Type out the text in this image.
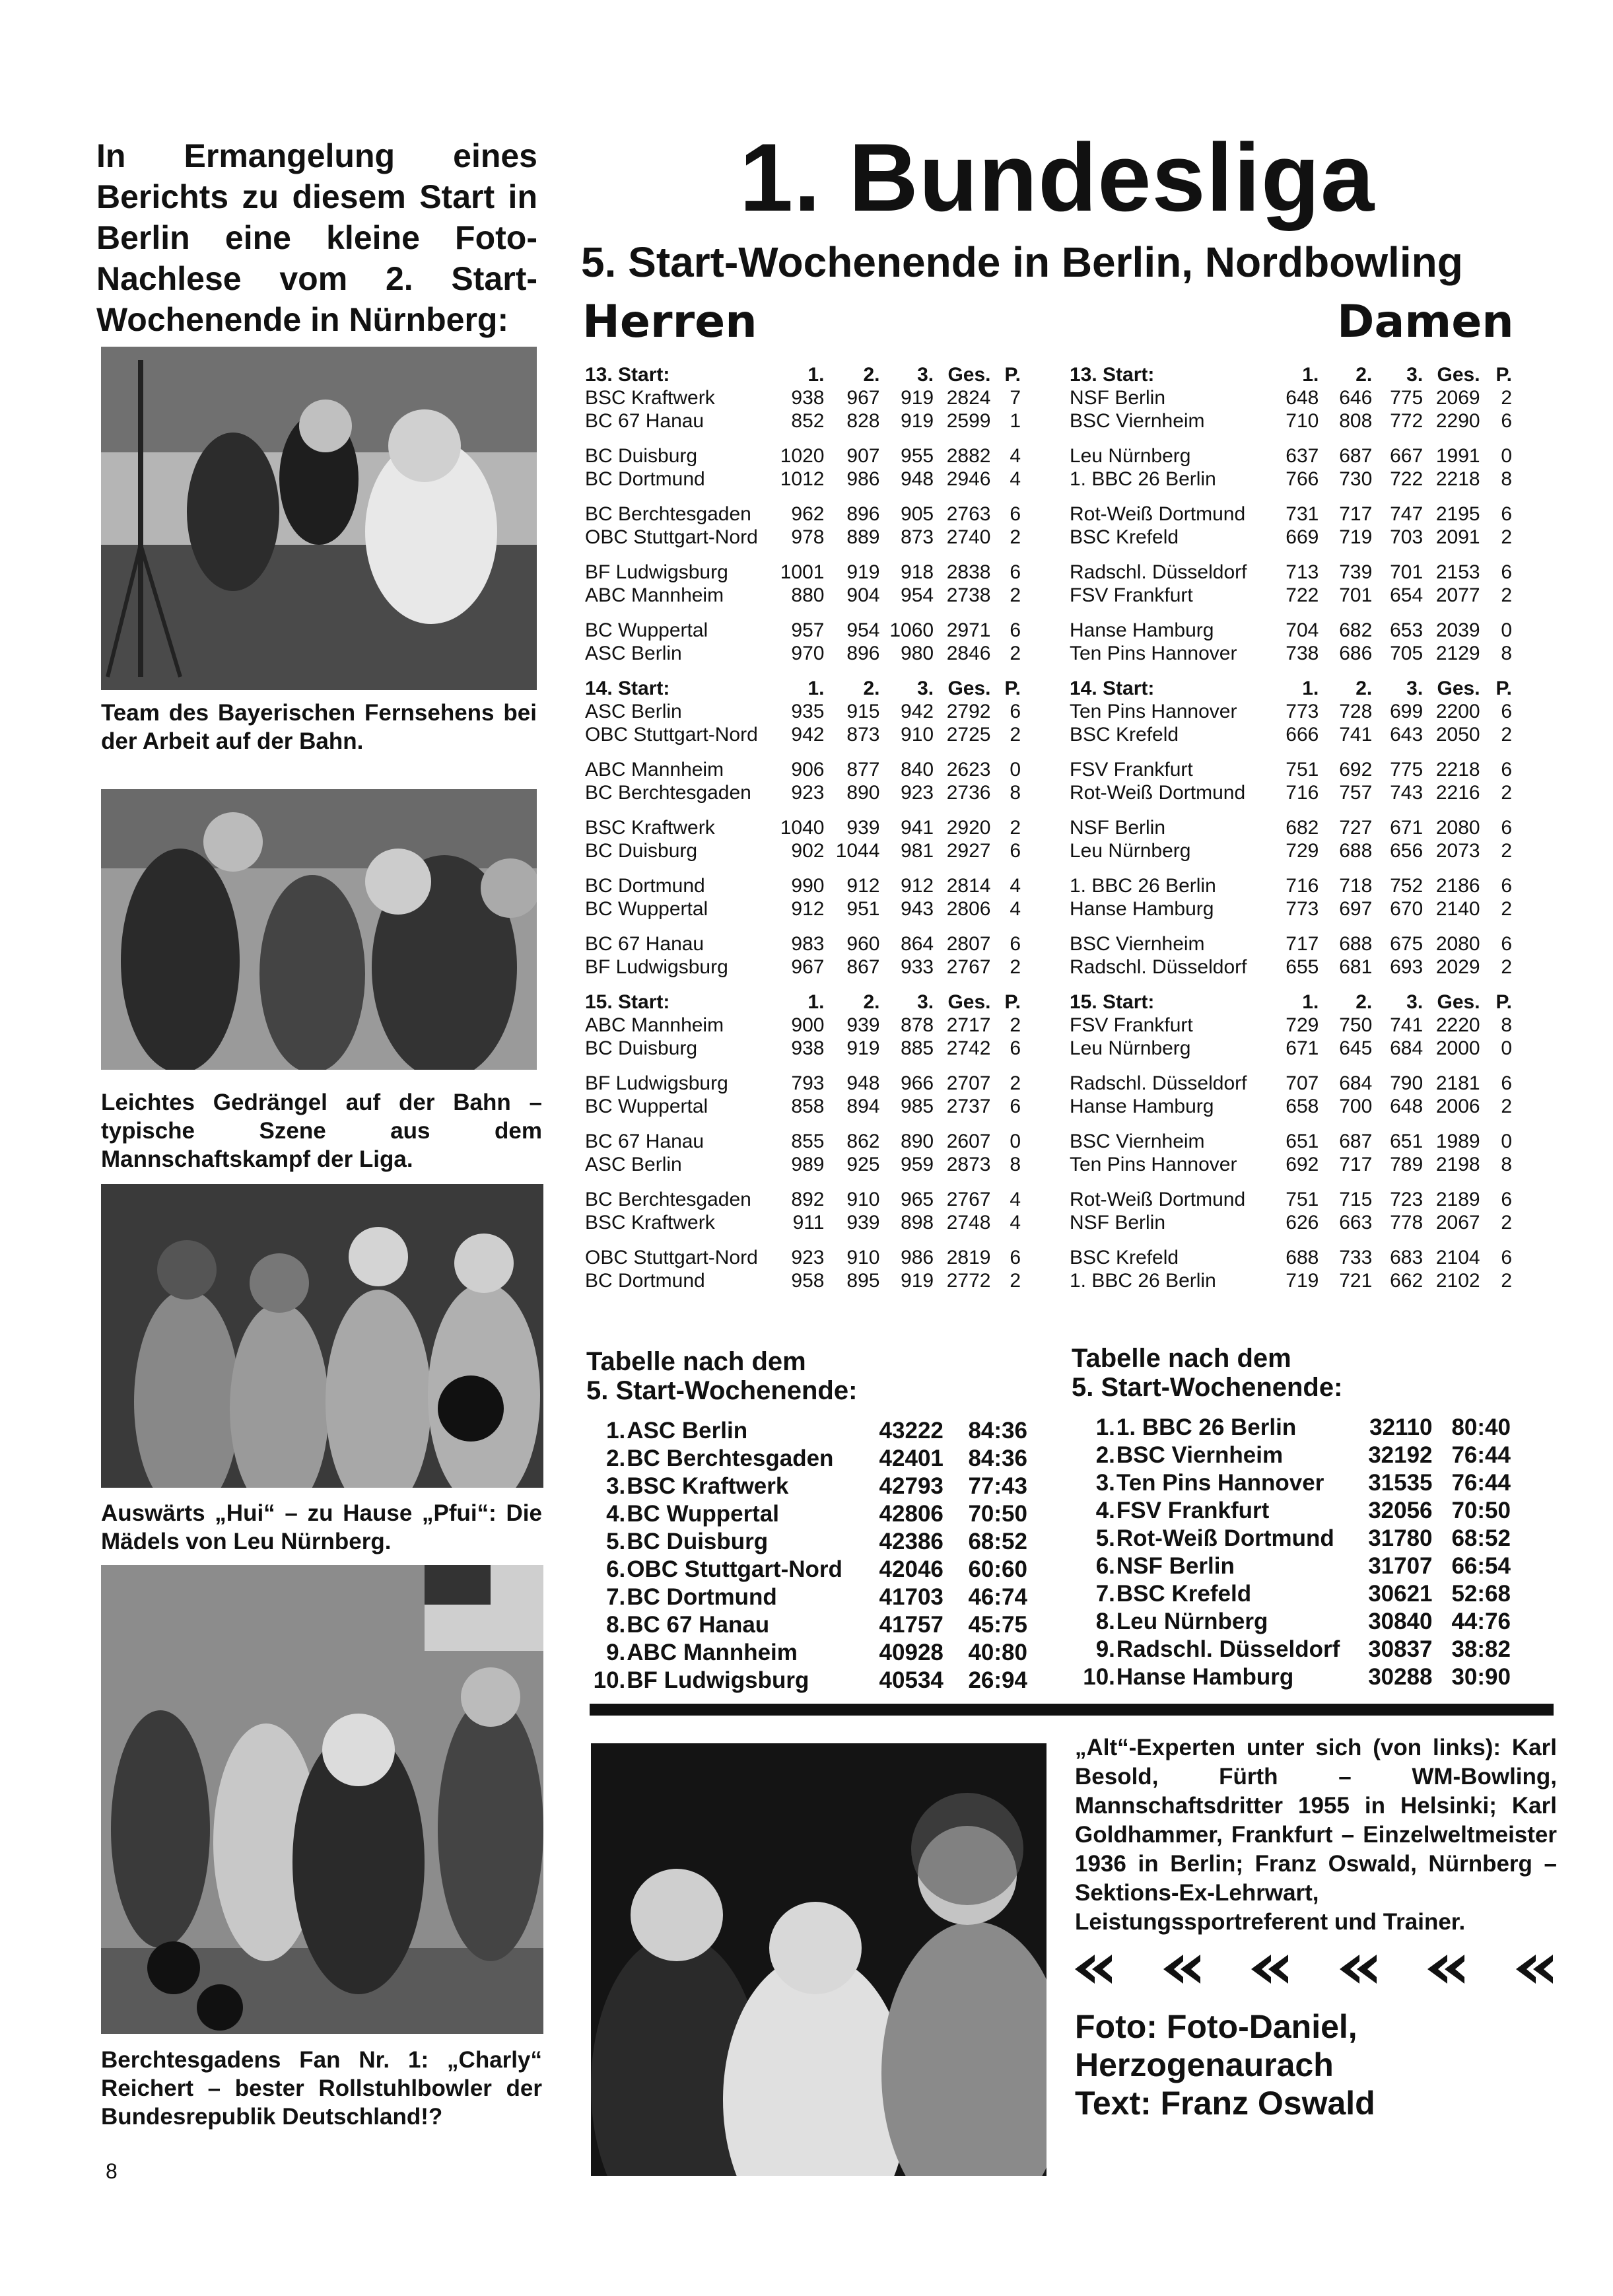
In Ermangelung eines Berichts zu diesem Start in Berlin eine kleine Foto-Nachlese vom 2. Start-Wochenende in Nürnberg:
Team des Bayerischen Fernsehens bei der Arbeit auf der Bahn.
Leichtes Gedrängel auf der Bahn – typische Szene aus dem Mannschaftskampf der Liga.
Auswärts „Hui“ – zu Hause „Pfui“: Die Mädels von Leu Nürnberg.
Berchtesgadens Fan Nr. 1: „Charly“ Reichert – bester Rollstuhlbowler der Bundesrepublik Deutschland!?
1. Bundesliga
5. Start-Wochenende in Berlin, Nordbowling
Herren	Damen
13. Start:	1.	2.	3.	Ges.	P.
BSC Kraftwerk	938	967	919	2824	7
BC 67 Hanau	852	828	919	2599	1

BC Duisburg	1020	907	955	2882	4
BC Dortmund	1012	986	948	2946	4

BC Berchtesgaden	962	896	905	2763	6
OBC Stuttgart-Nord	978	889	873	2740	2

BF Ludwigsburg	1001	919	918	2838	6
ABC Mannheim	880	904	954	2738	2

BC Wuppertal	957	954	1060	2971	6
ASC Berlin	970	896	980	2846	2

14. Start:	1.	2.	3.	Ges.	P.
ASC Berlin	935	915	942	2792	6
OBC Stuttgart-Nord	942	873	910	2725	2

ABC Mannheim	906	877	840	2623	0
BC Berchtesgaden	923	890	923	2736	8

BSC Kraftwerk	1040	939	941	2920	2
BC Duisburg	902	1044	981	2927	6

BC Dortmund	990	912	912	2814	4
BC Wuppertal	912	951	943	2806	4

BC 67 Hanau	983	960	864	2807	6
BF Ludwigsburg	967	867	933	2767	2

15. Start:	1.	2.	3.	Ges.	P.
ABC Mannheim	900	939	878	2717	2
BC Duisburg	938	919	885	2742	6

BF Ludwigsburg	793	948	966	2707	2
BC Wuppertal	858	894	985	2737	6

BC 67 Hanau	855	862	890	2607	0
ASC Berlin	989	925	959	2873	8

BC Berchtesgaden	892	910	965	2767	4
BSC Kraftwerk	911	939	898	2748	4

OBC Stuttgart-Nord	923	910	986	2819	6
BC Dortmund	958	895	919	2772	2
13. Start:	1.	2.	3.	Ges.	P.
NSF Berlin	648	646	775	2069	2
BSC Viernheim	710	808	772	2290	6

Leu Nürnberg	637	687	667	1991	0
1. BBC 26 Berlin	766	730	722	2218	8

Rot-Weiß Dortmund	731	717	747	2195	6
BSC Krefeld	669	719	703	2091	2

Radschl. Düsseldorf	713	739	701	2153	6
FSV Frankfurt	722	701	654	2077	2

Hanse Hamburg	704	682	653	2039	0
Ten Pins Hannover	738	686	705	2129	8

14. Start:	1.	2.	3.	Ges.	P.
Ten Pins Hannover	773	728	699	2200	6
BSC Krefeld	666	741	643	2050	2

FSV Frankfurt	751	692	775	2218	6
Rot-Weiß Dortmund	716	757	743	2216	2

NSF Berlin	682	727	671	2080	6
Leu Nürnberg	729	688	656	2073	2

1. BBC 26 Berlin	716	718	752	2186	6
Hanse Hamburg	773	697	670	2140	2

BSC Viernheim	717	688	675	2080	6
Radschl. Düsseldorf	655	681	693	2029	2

15. Start:	1.	2.	3.	Ges.	P.
FSV Frankfurt	729	750	741	2220	8
Leu Nürnberg	671	645	684	2000	0

Radschl. Düsseldorf	707	684	790	2181	6
Hanse Hamburg	658	700	648	2006	2

BSC Viernheim	651	687	651	1989	0
Ten Pins Hannover	692	717	789	2198	8

Rot-Weiß Dortmund	751	715	723	2189	6
NSF Berlin	626	663	778	2067	2

BSC Krefeld	688	733	683	2104	6
1. BBC 26 Berlin	719	721	662	2102	2
Tabelle nach dem
5. Start-Wochenende:
1.	ASC Berlin	43222	84:36
2.	BC Berchtesgaden	42401	84:36
3.	BSC Kraftwerk	42793	77:43
4.	BC Wuppertal	42806	70:50
5.	BC Duisburg	42386	68:52
6.	OBC Stuttgart-Nord	42046	60:60
7.	BC Dortmund	41703	46:74
8.	BC 67 Hanau	41757	45:75
9.	ABC Mannheim	40928	40:80
10.	BF Ludwigsburg	40534	26:94
Tabelle nach dem
5. Start-Wochenende:
1.	1. BBC 26 Berlin	32110	80:40
2.	BSC Viernheim	32192	76:44
3.	Ten Pins Hannover	31535	76:44
4.	FSV Frankfurt	32056	70:50
5.	Rot-Weiß Dortmund	31780	68:52
6.	NSF Berlin	31707	66:54
7.	BSC Krefeld	30621	52:68
8.	Leu Nürnberg	30840	44:76
9.	Radschl. Düsseldorf	30837	38:82
10.	Hanse Hamburg	30288	30:90
„Alt“-Experten unter sich (von links): Karl Besold, Fürth – WM-Bowling, Mannschaftsdritter 1955 in Helsinki; Karl Goldhammer, Frankfurt – Einzelweltmeister 1936 in Berlin; Franz Oswald, Nürnberg – Sektions-Ex-Lehrwart, Leistungssportreferent und Trainer.
Foto: Foto-Daniel,
Herzogenaurach
Text: Franz Oswald
8
